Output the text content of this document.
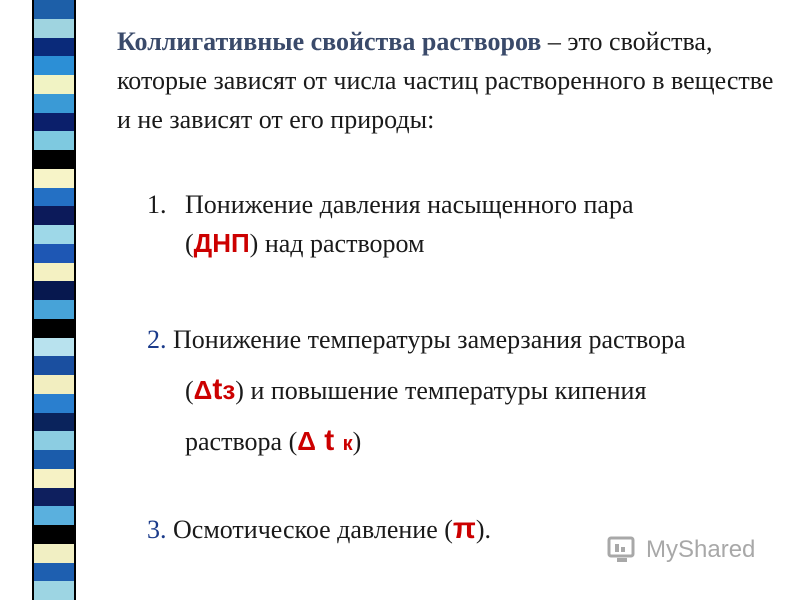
Коллигативные свойства растворов – это свойства, которые зависят от числа частиц растворенного в веществе и не зависят от его природы:

1. Понижение давления насыщенного пара
(ДНП) над раствором
2. Понижение температуры замерзания раствора
(Δtз) и повышение температуры кипения
раствора (Δ t к)
3. Осмотическое давление (π).
MyShared
